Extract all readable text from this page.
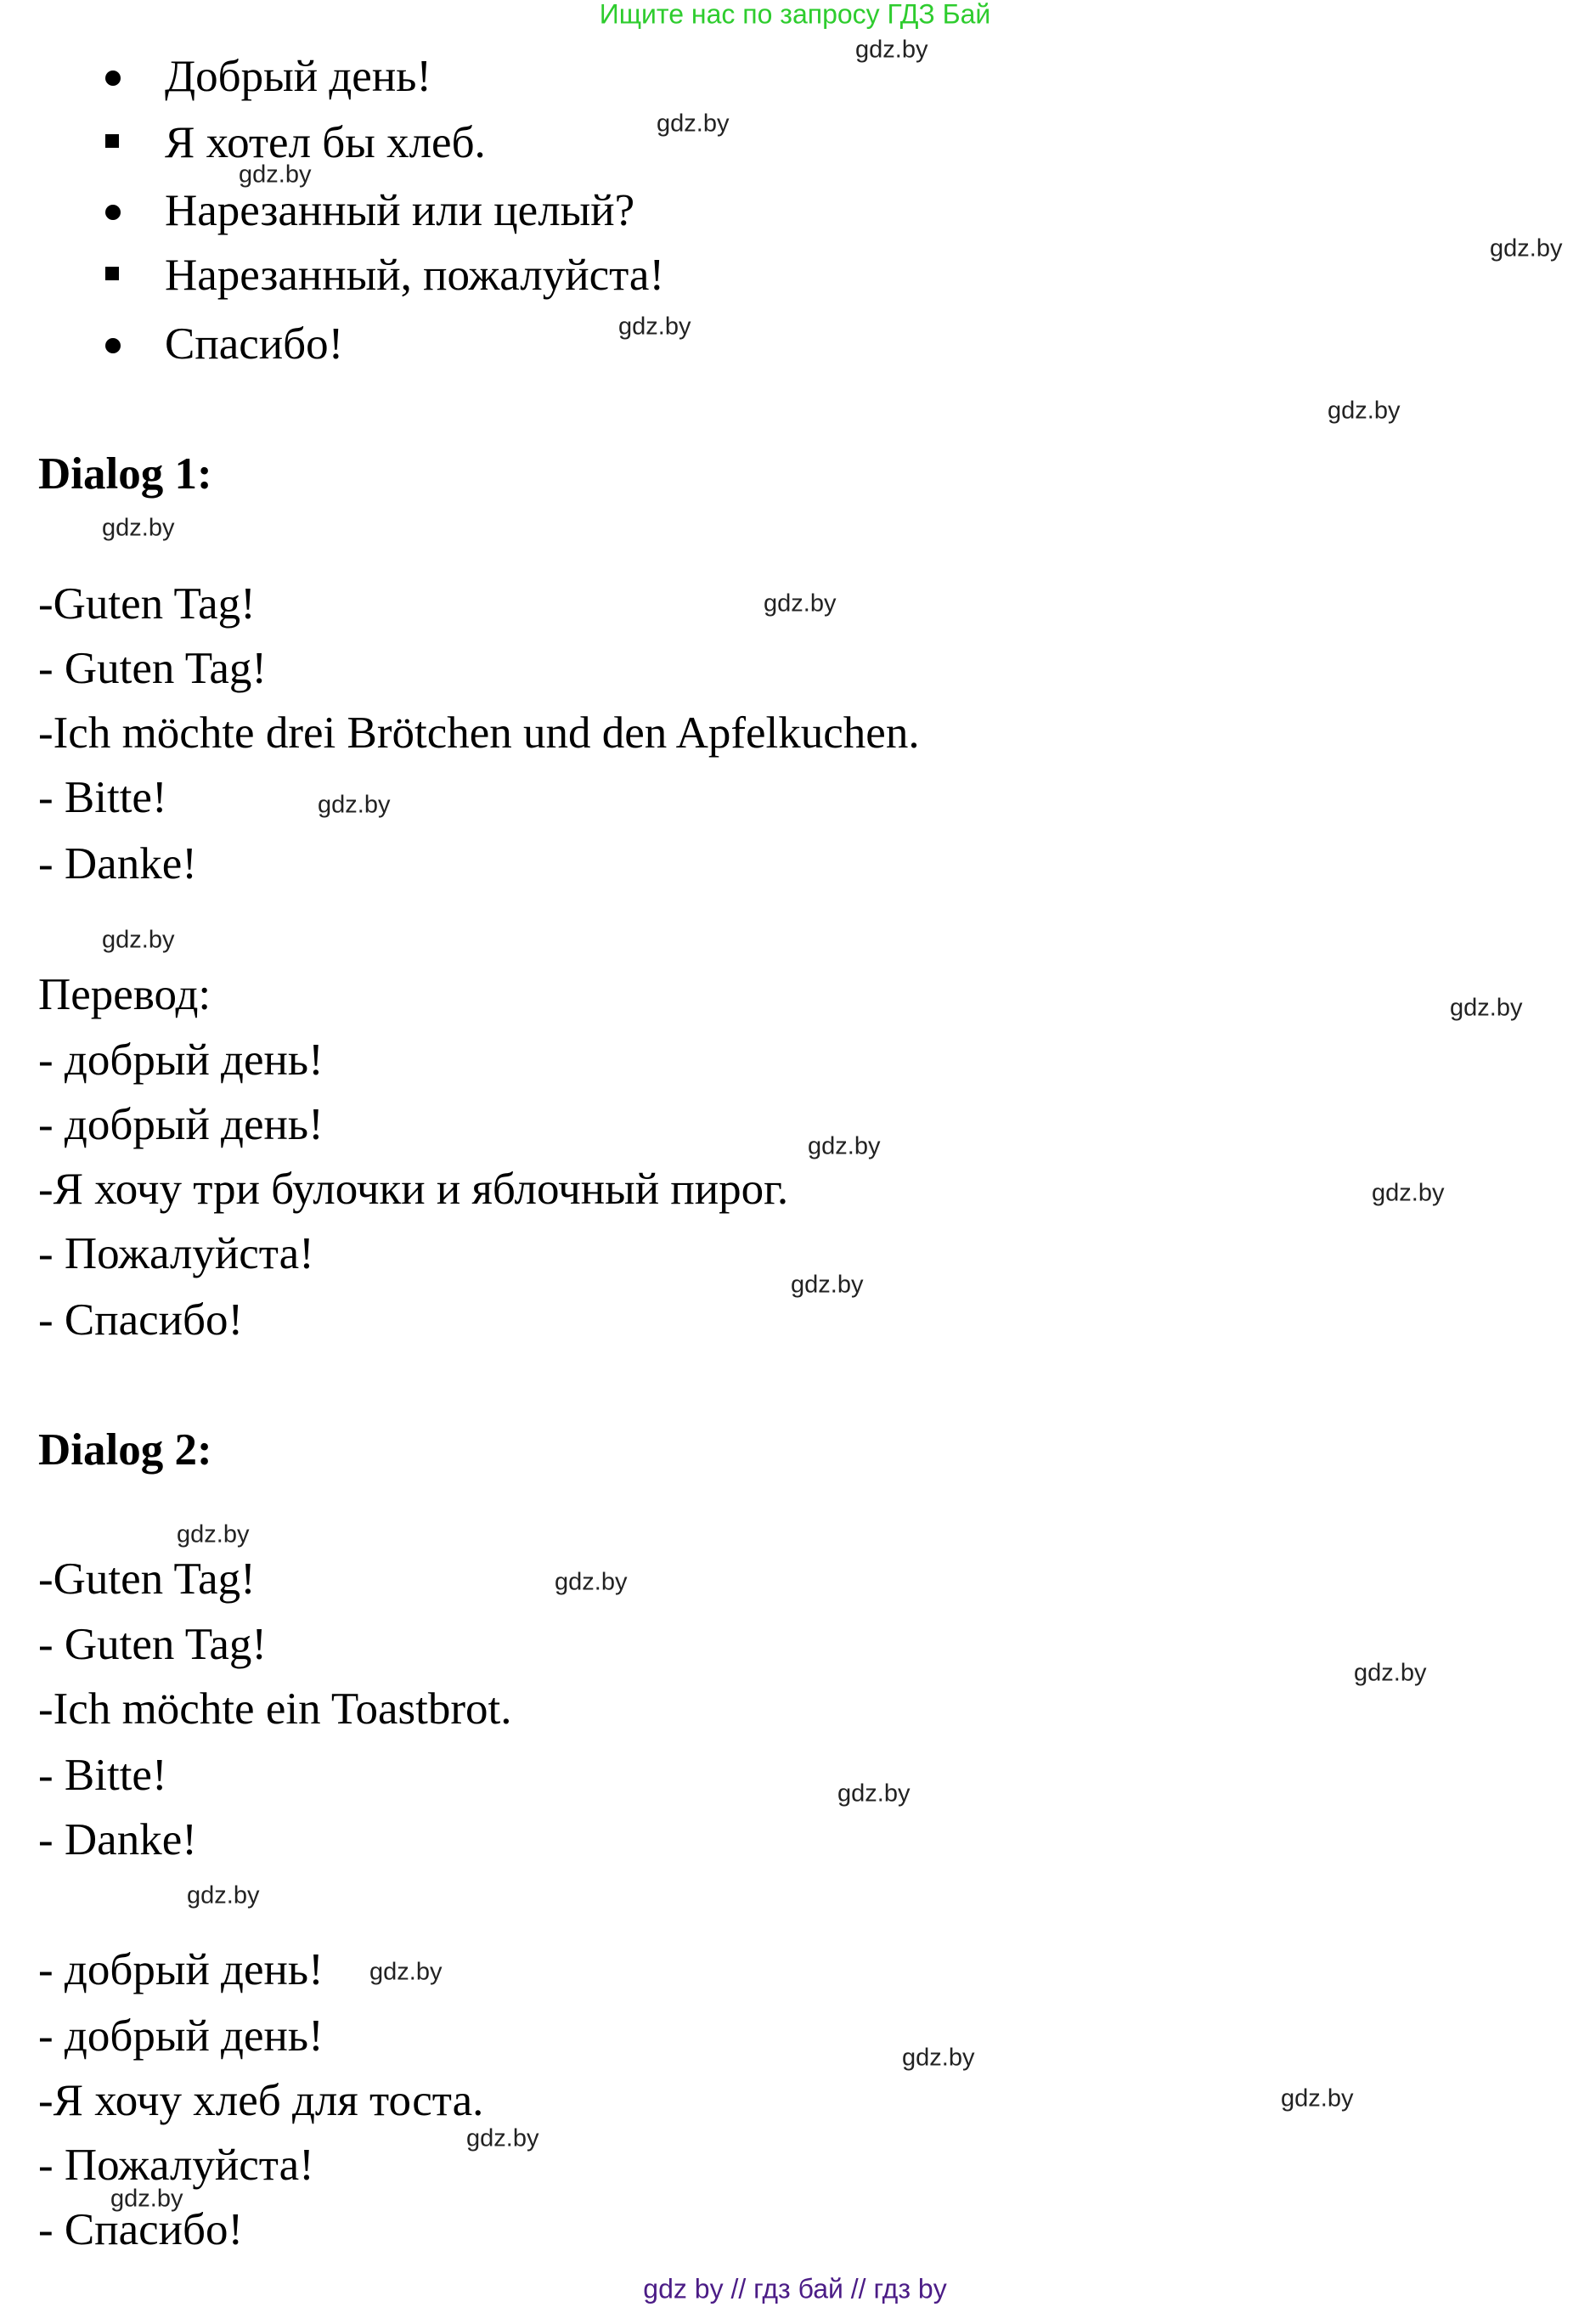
Ищите нас по запросу ГДЗ Бай
Добрый день!
Я хотел бы хлеб.
Нарезанный или целый?
Нарезанный, пожалуйста!
Спасибо!
Dialog 1:
-Guten Tag!
- Guten Tag!
-Ich möchte drei Brötchen und den Apfelkuchen.
- Bitte!
- Danke!
Перевод:
- добрый день!
- добрый день!
-Я хочу три булочки и яблочный пирог.
- Пожалуйста!
- Спасибо!
Dialog 2:
-Guten Tag!
- Guten Tag!
-Ich möchte ein Toastbrot.
- Bitte!
- Danke!
- добрый день!
- добрый день!
-Я хочу хлеб для тоста.
- Пожалуйста!
- Спасибо!
gdz.by
gdz.by
gdz.by
gdz.by
gdz.by
gdz.by
gdz.by
gdz.by
gdz.by
gdz.by
gdz.by
gdz.by
gdz.by
gdz.by
gdz.by
gdz.by
gdz.by
gdz.by
gdz.by
gdz.by
gdz.by
gdz.by
gdz.by
gdz.by
gdz by // гдз бай // гдз by
